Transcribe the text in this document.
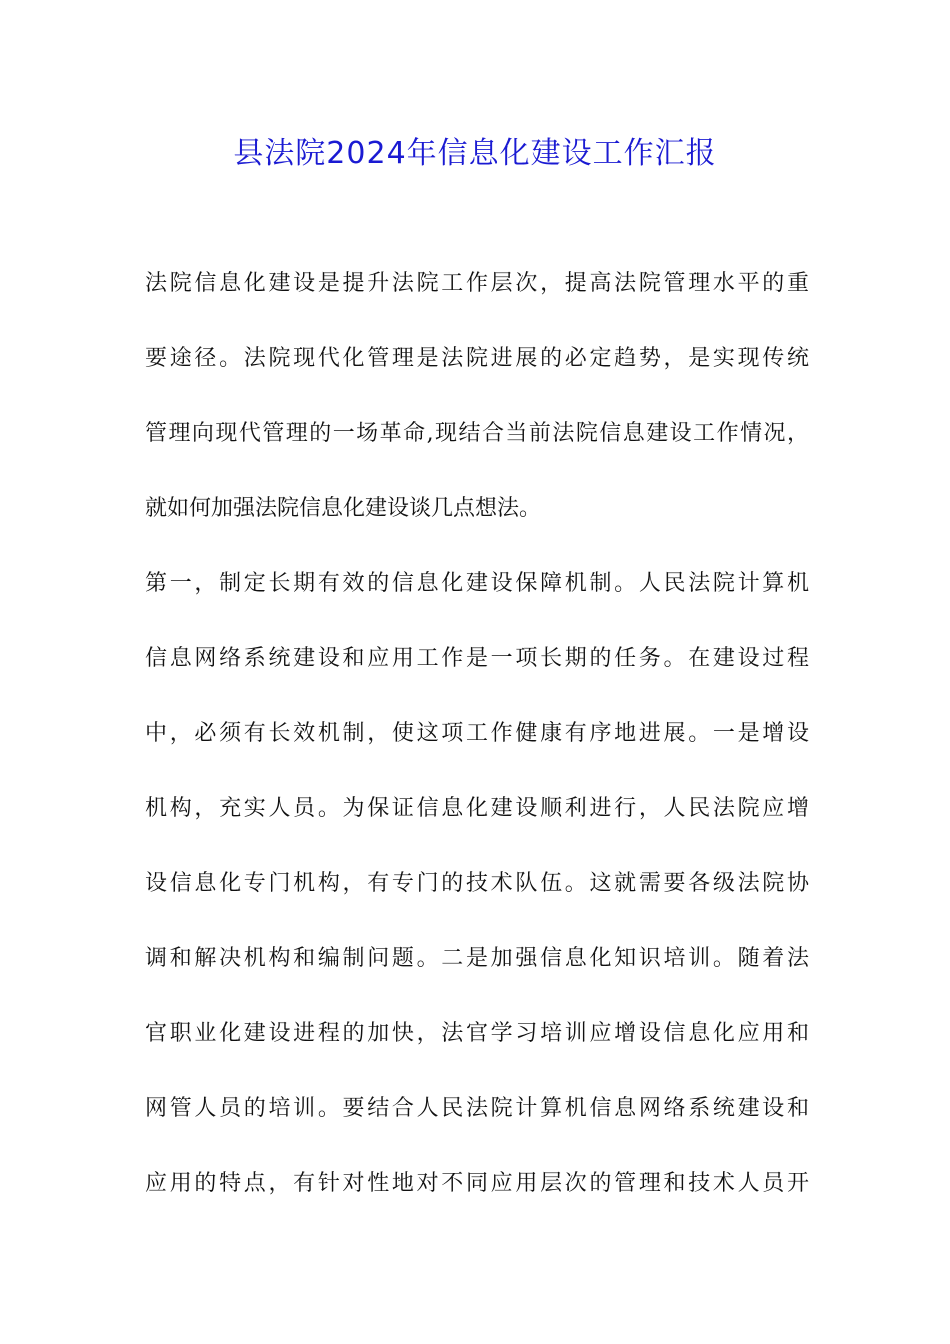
县法院2024年信息化建设工作汇报
法院信息化建设是提升法院工作层次，提高法院管理水平的重
要途径。法院现代化管理是法院进展的必定趋势，是实现传统
管理向现代管理的一场革命,现结合当前法院信息建设工作情况，
就如何加强法院信息化建设谈几点想法。
第一，制定长期有效的信息化建设保障机制。人民法院计算机
信息网络系统建设和应用工作是一项长期的任务。在建设过程
中，必须有长效机制，使这项工作健康有序地进展。一是增设
机构，充实人员。为保证信息化建设顺利进行，人民法院应增
设信息化专门机构，有专门的技术队伍。这就需要各级法院协
调和解决机构和编制问题。二是加强信息化知识培训。随着法
官职业化建设进程的加快，法官学习培训应增设信息化应用和
网管人员的培训。要结合人民法院计算机信息网络系统建设和
应用的特点，有针对性地对不同应用层次的管理和技术人员开
